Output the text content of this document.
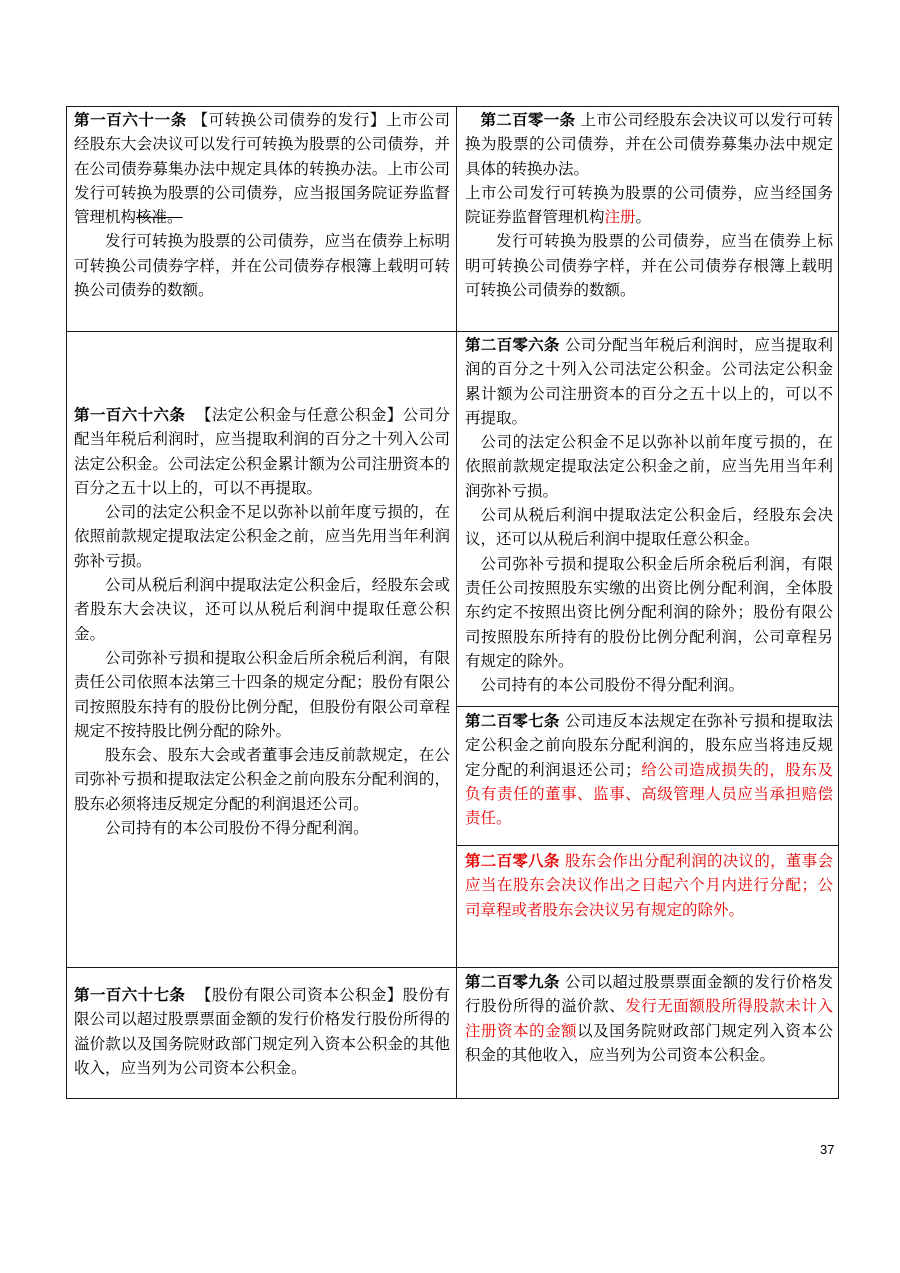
第一百六十一条 【可转换公司债券的发行】上市公司经股东大会决议可以发行可转换为股票的公司债券，并在公司债券募集办法中规定具体的转换办法。上市公司发行可转换为股票的公司债券，应当报国务院证券监督管理机构核准。

发行可转换为股票的公司债券，应当在债券上标明可转换公司债券字样，并在公司债券存根簿上载明可转换公司债券的数额。

第二百零一条 上市公司经股东会决议可以发行可转换为股票的公司债券，并在公司债券募集办法中规定具体的转换办法。

上市公司发行可转换为股票的公司债券，应当经国务院证券监督管理机构注册。

发行可转换为股票的公司债券，应当在债券上标明可转换公司债券字样，并在公司债券存根簿上载明可转换公司债券的数额。

第一百六十六条 【法定公积金与任意公积金】公司分配当年税后利润时，应当提取利润的百分之十列入公司法定公积金。公司法定公积金累计额为公司注册资本的百分之五十以上的，可以不再提取。

公司的法定公积金不足以弥补以前年度亏损的，在依照前款规定提取法定公积金之前，应当先用当年利润弥补亏损。

公司从税后利润中提取法定公积金后，经股东会或者股东大会决议，还可以从税后利润中提取任意公积金。

公司弥补亏损和提取公积金后所余税后利润，有限责任公司依照本法第三十四条的规定分配；股份有限公司按照股东持有的股份比例分配，但股份有限公司章程规定不按持股比例分配的除外。

股东会、股东大会或者董事会违反前款规定，在公司弥补亏损和提取法定公积金之前向股东分配利润的，股东必须将违反规定分配的利润退还公司。

公司持有的本公司股份不得分配利润。

第二百零六条 公司分配当年税后利润时，应当提取利润的百分之十列入公司法定公积金。公司法定公积金累计额为公司注册资本的百分之五十以上的，可以不再提取。

公司的法定公积金不足以弥补以前年度亏损的，在依照前款规定提取法定公积金之前，应当先用当年利润弥补亏损。

公司从税后利润中提取法定公积金后，经股东会决议，还可以从税后利润中提取任意公积金。

公司弥补亏损和提取公积金后所余税后利润，有限责任公司按照股东实缴的出资比例分配利润，全体股东约定不按照出资比例分配利润的除外；股份有限公司按照股东所持有的股份比例分配利润，公司章程另有规定的除外。

公司持有的本公司股份不得分配利润。

第二百零七条 公司违反本法规定在弥补亏损和提取法定公积金之前向股东分配利润的，股东应当将违反规定分配的利润退还公司；给公司造成损失的，股东及负有责任的董事、监事、高级管理人员应当承担赔偿责任。

第二百零八条 股东会作出分配利润的决议的，董事会应当在股东会决议作出之日起六个月内进行分配；公司章程或者股东会决议另有规定的除外。

第一百六十七条 【股份有限公司资本公积金】股份有限公司以超过股票票面金额的发行价格发行股份所得的溢价款以及国务院财政部门规定列入资本公积金的其他收入，应当列为公司资本公积金。

第二百零九条 公司以超过股票票面金额的发行价格发行股份所得的溢价款、发行无面额股所得股款未计入注册资本的金额以及国务院财政部门规定列入资本公积金的其他收入，应当列为公司资本公积金。

37
